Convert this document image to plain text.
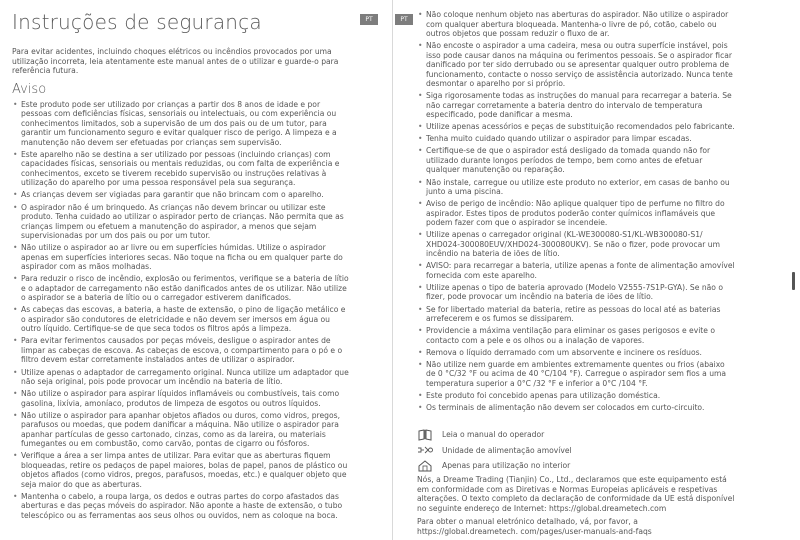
Instruções de segurança

Para evitar acidentes, incluindo choques elétricos ou incêndios provocados por uma utilização incorreta, leia atentamente este manual antes de o utilizar e guarde-o para referência futura.

Aviso
• Este produto pode ser utilizado por crianças a partir dos 8 anos de idade e por pessoas com deficiências físicas, sensoriais ou intelectuais, ou com experiência ou conhecimentos limitados, sob a supervisão de um dos pais ou de um tutor, para garantir um funcionamento seguro e evitar qualquer risco de perigo. A limpeza e a manutenção não devem ser efetuadas por crianças sem supervisão.
• Este aparelho não se destina a ser utilizado por pessoas (incluindo crianças) com capacidades físicas, sensoriais ou mentais reduzidas, ou com falta de experiência e conhecimentos, exceto se tiverem recebido supervisão ou instruções relativas à utilização do aparelho por uma pessoa responsável pela sua segurança.
• As crianças devem ser vigiadas para garantir que não brincam com o aparelho.
• O aspirador não é um brinquedo. As crianças não devem brincar ou utilizar este produto. Tenha cuidado ao utilizar o aspirador perto de crianças. Não permita que as crianças limpem ou efetuem a manutenção do aspirador, a menos que sejam supervisionadas por um dos pais ou por um tutor.
• Não utilize o aspirador ao ar livre ou em superfícies húmidas. Utilize o aspirador apenas em superfícies interiores secas. Não toque na ficha ou em qualquer parte do aspirador com as mãos molhadas.
• Para reduzir o risco de incêndio, explosão ou ferimentos, verifique se a bateria de lítio e o adaptador de carregamento não estão danificados antes de os utilizar. Não utilize o aspirador se a bateria de lítio ou o carregador estiverem danificados.
• As cabeças das escovas, a bateria, a haste de extensão, o pino de ligação metálico e o aspirador são condutores de eletricidade e não devem ser imersos em água ou outro líquido. Certifique-se de que seca todos os filtros após a limpeza.
• Para evitar ferimentos causados por peças móveis, desligue o aspirador antes de limpar as cabeças de escova. As cabeças de escova, o compartimento para o pó e o filtro devem estar corretamente instalados antes de utilizar o aspirador.
• Utilize apenas o adaptador de carregamento original. Nunca utilize um adaptador que não seja original, pois pode provocar um incêndio na bateria de lítio.
• Não utilize o aspirador para aspirar líquidos inflamáveis ou combustíveis, tais como gasolina, lixívia, amoníaco, produtos de limpeza de esgotos ou outros líquidos.
• Não utilize o aspirador para apanhar objetos afiados ou duros, como vidros, pregos, parafusos ou moedas, que podem danificar a máquina. Não utilize o aspirador para apanhar partículas de gesso cartonado, cinzas, como as da lareira, ou materiais fumegantes ou em combustão, como carvão, pontas de cigarro ou fósforos.
• Verifique a área a ser limpa antes de utilizar. Para evitar que as aberturas fiquem bloqueadas, retire os pedaços de papel maiores, bolas de papel, panos de plástico ou objetos afiados (como vidros, pregos, parafusos, moedas, etc.) e qualquer objeto que seja maior do que as aberturas.
• Mantenha o cabelo, a roupa larga, os dedos e outras partes do corpo afastados das aberturas e das peças móveis do aspirador. Não aponte a haste de extensão, o tubo telescópico ou as ferramentas aos seus olhos ou ouvidos, nem as coloque na boca.
PT	PT
• Não coloque nenhum objeto nas aberturas do aspirador. Não utilize o aspirador com qualquer abertura bloqueada. Mantenha-o livre de pó, cotão, cabelo ou outros objetos que possam reduzir o fluxo de ar.
• Não encoste o aspirador a uma cadeira, mesa ou outra superfície instável, pois isso pode causar danos na máquina ou ferimentos pessoais. Se o aspirador ficar danificado por ter sido derrubado ou se apresentar qualquer outro problema de funcionamento, contacte o nosso serviço de assistência autorizado. Nunca tente desmontar o aparelho por si próprio.
• Siga rigorosamente todas as instruções do manual para recarregar a bateria. Se não carregar corretamente a bateria dentro do intervalo de temperatura especificado, pode danificar a mesma.
• Utilize apenas acessórios e peças de substituição recomendados pelo fabricante.
• Tenha muito cuidado quando utilizar o aspirador para limpar escadas.
• Certifique-se de que o aspirador está desligado da tomada quando não for utilizado durante longos períodos de tempo, bem como antes de efetuar qualquer manutenção ou reparação.
• Não instale, carregue ou utilize este produto no exterior, em casas de banho ou junto a uma piscina.
• Aviso de perigo de incêndio: Não aplique qualquer tipo de perfume no filtro do aspirador. Estes tipos de produtos poderão conter químicos inflamáveis que podem fazer com que o aspirador se incendeie.
• Utilize apenas o carregador original (KL-WE300080-S1/KL-WB300080-S1/ XHD024-300080EUV/XHD024-300080UKV). Se não o fizer, pode provocar um incêndio na bateria de iões de lítio.
• AVISO: para recarregar a bateria, utilize apenas a fonte de alimentação amovível fornecida com este aparelho.
• Utilize apenas o tipo de bateria aprovado (Modelo V2555-7S1P-GYA). Se não o fizer, pode provocar um incêndio na bateria de iões de lítio.
• Se for libertado material da bateria, retire as pessoas do local até as baterias arrefecerem e os fumos se dissiparem.
• Providencie a máxima ventilação para eliminar os gases perigosos e evite o contacto com a pele e os olhos ou a inalação de vapores.
• Remova o líquido derramado com um absorvente e incinere os resíduos.
• Não utilize nem guarde em ambientes extremamente quentes ou frios (abaixo de 0 °C/32 °F ou acima de 40 °C/104 °F). Carregue o aspirador sem fios a uma temperatura superior a 0°C /32 °F e inferior a 0°C /104 °F.
• Este produto foi concebido apenas para utilização doméstica.
• Os terminais de alimentação não devem ser colocados em curto-circuito.
Leia o manual do operador
Unidade de alimentação amovível
Apenas para utilização no interior

Nós, a Dreame Trading (Tianjin) Co., Ltd., declaramos que este equipamento está em conformidade com as Diretivas e Normas Europeias aplicáveis e respetivas alterações. O texto completo da declaração de conformidade da UE está disponível no seguinte endereço de Internet: https://global.dreametech.com

Para obter o manual eletrónico detalhado, vá, por favor, a https://global.dreametech. com/pages/user-manuals-and-faqs
